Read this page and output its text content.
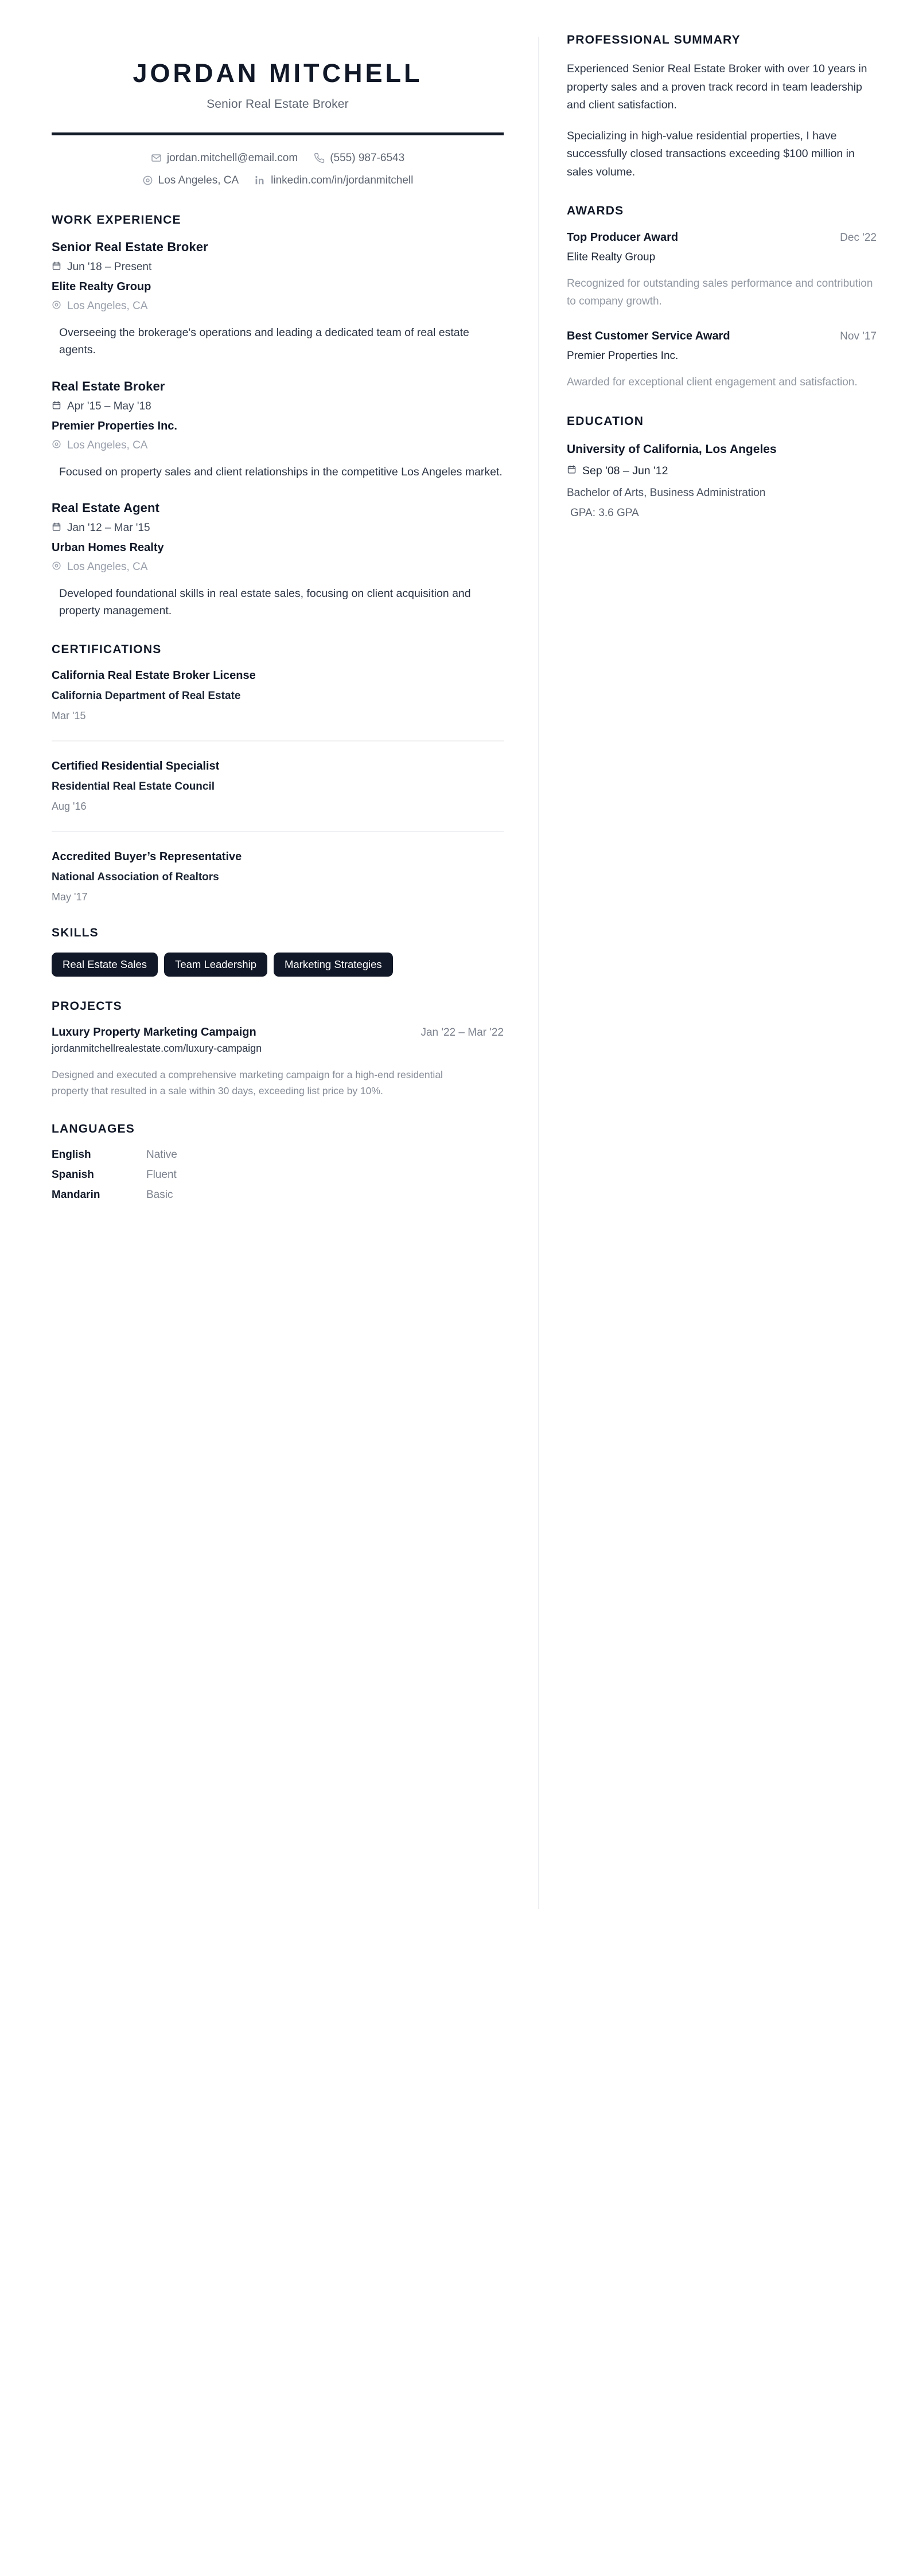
JORDAN MITCHELL
Senior Real Estate Broker
jordan.mitchell@email.com	(555) 987-6543
Los Angeles, CA	linkedin.com/in/jordanmitchell
WORK EXPERIENCE
Senior Real Estate Broker
Jun '18 – Present
Elite Realty Group
Los Angeles, CA
Overseeing the brokerage's operations and leading a dedicated team of real estate agents.
Real Estate Broker
Apr '15 – May '18
Premier Properties Inc.
Los Angeles, CA
Focused on property sales and client relationships in the competitive Los Angeles market.
Real Estate Agent
Jan '12 – Mar '15
Urban Homes Realty
Los Angeles, CA
Developed foundational skills in real estate sales, focusing on client acquisition and property management.
CERTIFICATIONS
California Real Estate Broker License
California Department of Real Estate
Mar '15
Certified Residential Specialist
Residential Real Estate Council
Aug '16
Accredited Buyer’s Representative
National Association of Realtors
May '17
SKILLS
Real Estate Sales	Team Leadership	Marketing Strategies
PROJECTS
Luxury Property Marketing Campaign	Jan '22 – Mar '22
jordanmitchellrealestate.com/luxury-campaign
Designed and executed a comprehensive marketing campaign for a high-end residential property that resulted in a sale within 30 days, exceeding list price by 10%.
LANGUAGES
English	Native
Spanish	Fluent
Mandarin	Basic
PROFESSIONAL SUMMARY

Experienced Senior Real Estate Broker with over 10 years in property sales and a proven track record in team leadership and client satisfaction.

Specializing in high-value residential properties, I have successfully closed transactions exceeding $100 million in sales volume.

AWARDS
Top Producer Award	Dec '22
Elite Realty Group
Recognized for outstanding sales performance and contribution to company growth.
Best Customer Service Award	Nov '17
Premier Properties Inc.
Awarded for exceptional client engagement and satisfaction.
EDUCATION
University of California, Los Angeles
Sep '08 – Jun '12
Bachelor of Arts, Business Administration
GPA: 3.6 GPA
